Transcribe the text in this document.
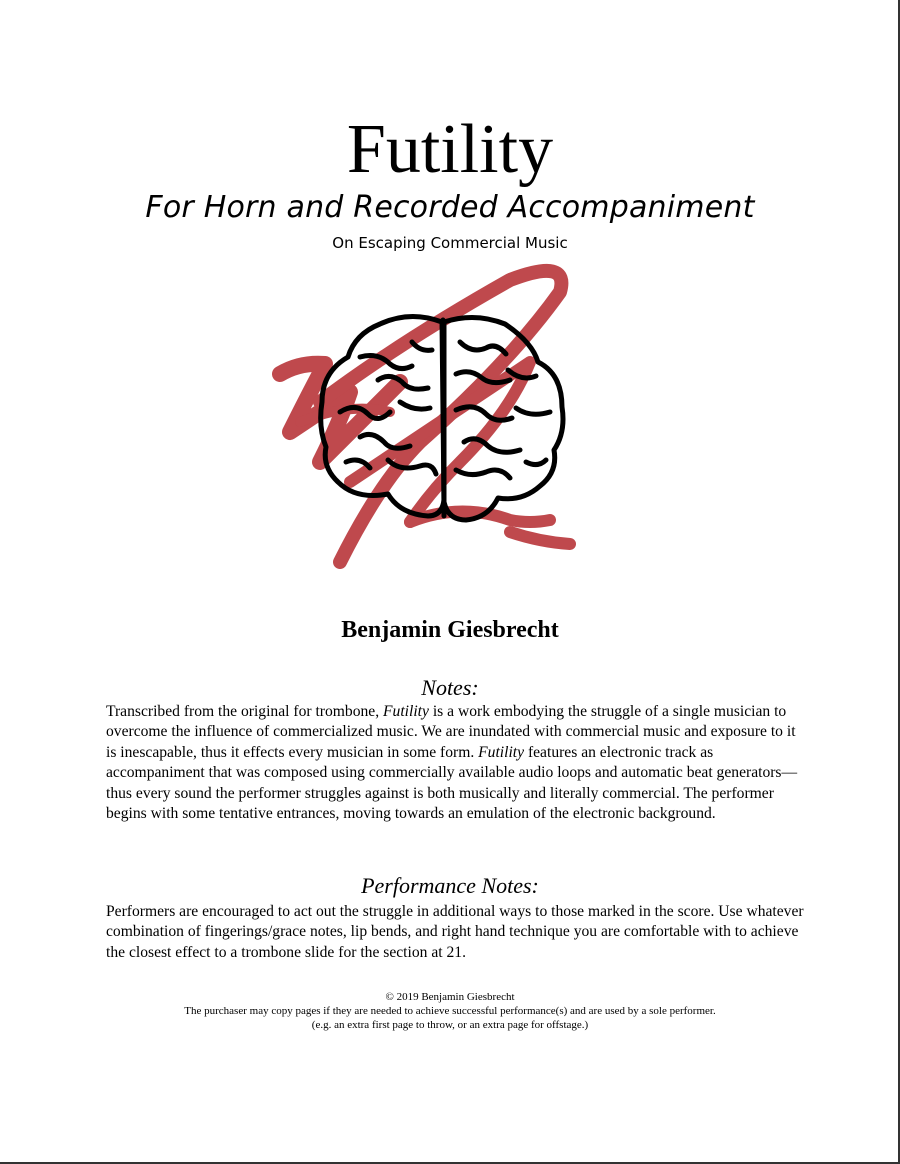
Futility
For Horn and Recorded Accompaniment
On Escaping Commercial Music
Benjamin Giesbrecht
Notes:
Transcribed from the original for trombone, Futility is a work embodying the struggle of a single musician to overcome the influence of commercialized music. We are inundated with commercial music and exposure to it is inescapable, thus it effects every musician in some form. Futility features an electronic track as accompaniment that was composed using commercially available audio loops and automatic beat generators—thus every sound the performer struggles against is both musically and literally commercial. The performer begins with some tentative entrances, moving towards an emulation of the electronic background.
Performance Notes:
Performers are encouraged to act out the struggle in additional ways to those marked in the score. Use whatever combination of fingerings/grace notes, lip bends, and right hand technique you are comfortable with to achieve the closest effect to a trombone slide for the section at 21.
© 2019 Benjamin Giesbrecht
The purchaser may copy pages if they are needed to achieve successful performance(s) and are used by a sole performer.
(e.g. an extra first page to throw, or an extra page for offstage.)
